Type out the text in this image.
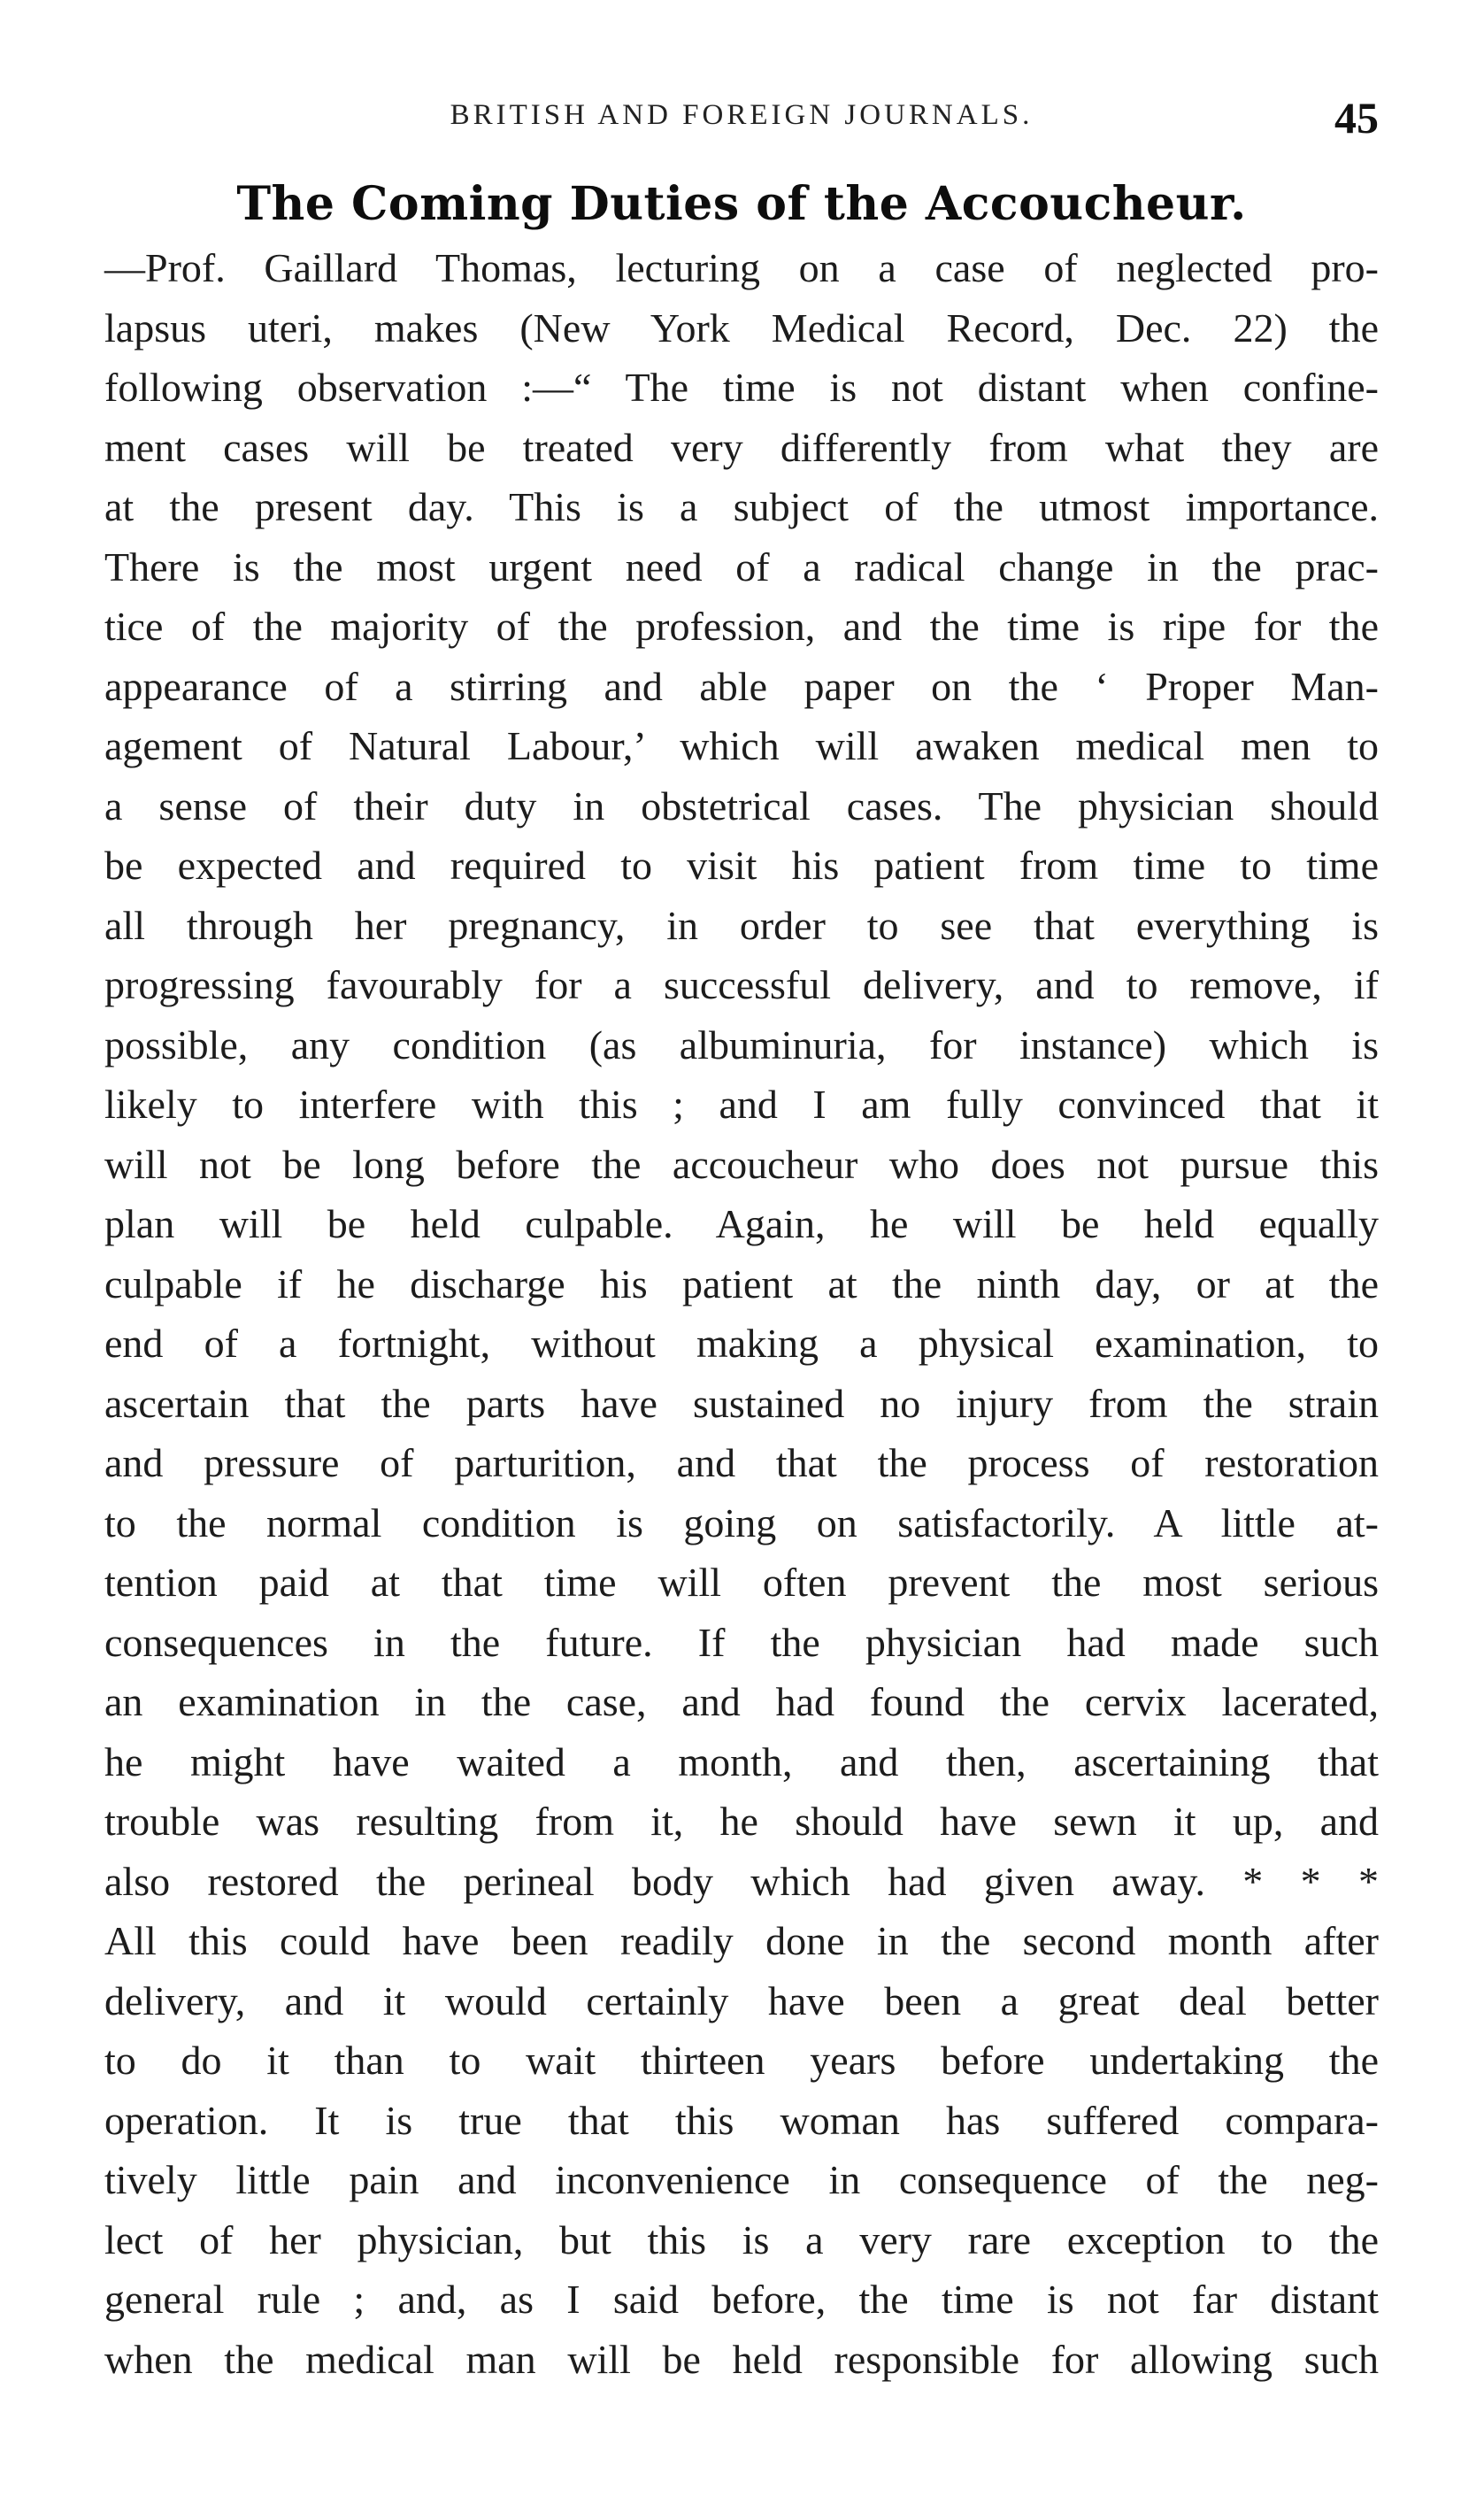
BRITISH AND FOREIGN JOURNALS.	45
The Coming Duties of the Accoucheur.
—Prof. Gaillard Thomas, lecturing on a case of neglected pro-
lapsus uteri, makes (New York Medical Record, Dec. 22) the
following observation :—“ The time is not distant when confine-
ment cases will be treated very differently from what they are
at the present day. This is a subject of the utmost importance.
There is the most urgent need of a radical change in the prac-
tice of the majority of the profession, and the time is ripe for the
appearance of a stirring and able paper on the ‘ Proper Man-
agement of Natural Labour,’ which will awaken medical men to
a sense of their duty in obstetrical cases. The physician should
be expected and required to visit his patient from time to time
all through her pregnancy, in order to see that everything is
progressing favourably for a successful delivery, and to remove, if
possible, any condition (as albuminuria, for instance) which is
likely to interfere with this ; and I am fully convinced that it
will not be long before the accoucheur who does not pursue this
plan will be held culpable. Again, he will be held equally
culpable if he discharge his patient at the ninth day, or at the
end of a fortnight, without making a physical examination, to
ascertain that the parts have sustained no injury from the strain
and pressure of parturition, and that the process of restoration
to the normal condition is going on satisfactorily. A little at-
tention paid at that time will often prevent the most serious
consequences in the future. If the physician had made such
an examination in the case, and had found the cervix lacerated,
he might have waited a month, and then, ascertaining that
trouble was resulting from it, he should have sewn it up, and
also restored the perineal body which had given away. * * *
All this could have been readily done in the second month after
delivery, and it would certainly have been a great deal better
to do it than to wait thirteen years before undertaking the
operation. It is true that this woman has suffered compara-
tively little pain and inconvenience in consequence of the neg-
lect of her physician, but this is a very rare exception to the
general rule ; and, as I said before, the time is not far distant
when the medical man will be held responsible for allowing such
